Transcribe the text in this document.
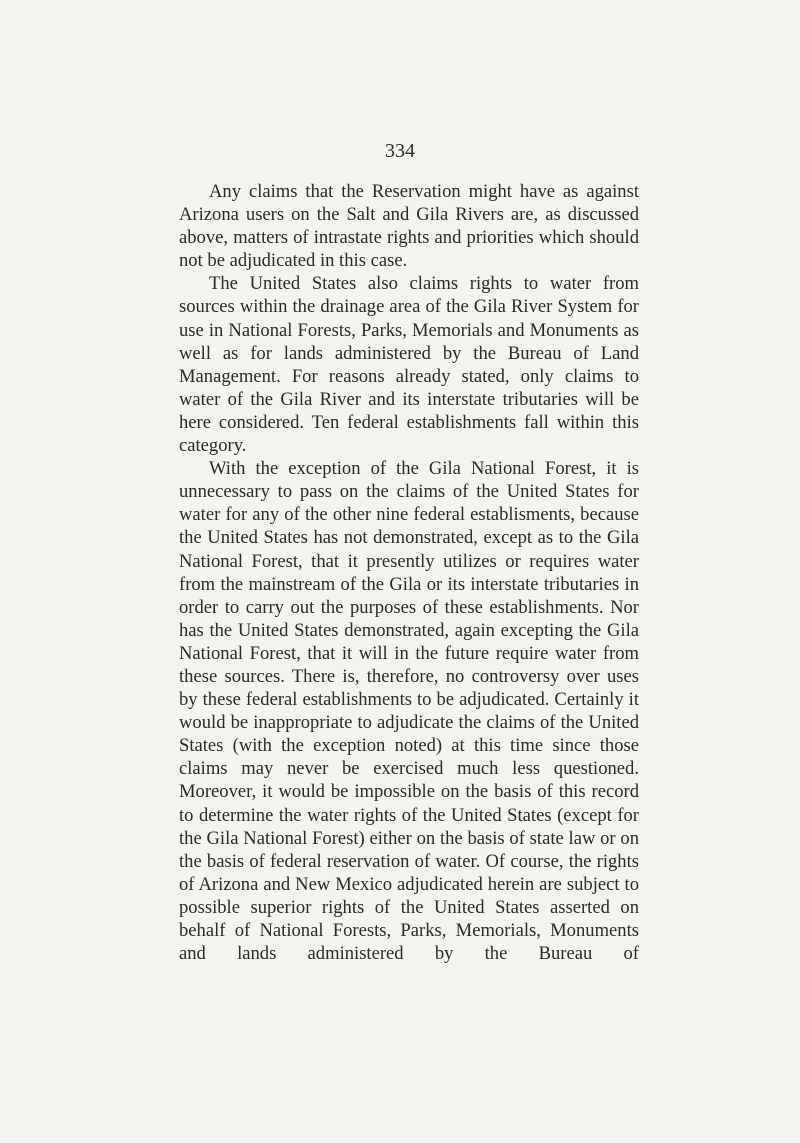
334

Any claims that the Reservation might have as against Arizona users on the Salt and Gila Rivers are, as discussed above, matters of intrastate rights and priorities which should not be adjudicated in this case.

The United States also claims rights to water from sources within the drainage area of the Gila River System for use in National Forests, Parks, Memorials and Monuments as well as for lands administered by the Bureau of Land Management. For reasons already stated, only claims to water of the Gila River and its interstate tributaries will be here considered. Ten federal establishments fall within this category.

With the exception of the Gila National Forest, it is unnecessary to pass on the claims of the United States for water for any of the other nine federal establisments, because the United States has not demonstrated, except as to the Gila National Forest, that it presently utilizes or requires water from the mainstream of the Gila or its interstate tributaries in order to carry out the purposes of these establishments. Nor has the United States demonstrated, again excepting the Gila National Forest, that it will in the future require water from these sources. There is, therefore, no controversy over uses by these federal establishments to be adjudicated. Certainly it would be inappropriate to adjudicate the claims of the United States (with the exception noted) at this time since those claims may never be exercised much less questioned. Moreover, it would be impossible on the basis of this record to determine the water rights of the United States (except for the Gila National Forest) either on the basis of state law or on the basis of federal reservation of water. Of course, the rights of Arizona and New Mexico adjudicated herein are subject to possible superior rights of the United States asserted on behalf of National Forests, Parks, Memorials, Monuments and lands administered by the Bureau of
